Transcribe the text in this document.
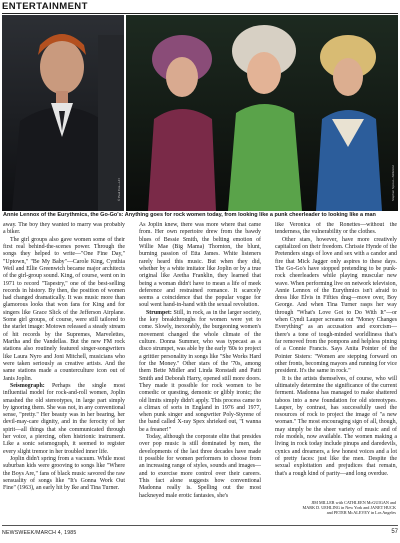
ENTERTAINMENT
© Paul Cox—LFI	Stephen Sproul—Stills/LGI
Annie Lennox of the Eurythmics, the Go-Go's: Anything goes for rock women today, from looking like a punk cheerleader to looking like a man

away. The boy they wanted to marry was probably a biker.

The girl groups also gave women some of their first real behind-the-scenes power. Through the songs they helped to write—"One Fine Day," "Uptown," "Be My Baby"—Carole King, Cynthia Weil and Ellie Greenwich became major architects of the girl-group sound. King, of course, went on in 1971 to record "Tapestry," one of the best-selling records in history. By then, the position of women had changed dramatically. It was music more than glamorous looks that won fans for King and for singers like Grace Slick of the Jefferson Airplane. Some girl groups, of course, were still tailored to the starlet image: Motown released a steady stream of hit records by the Supremes, Marvelettes, Martha and the Vandellas. But the new FM rock stations also routinely featured singer-songwriters like Laura Nyro and Joni Mitchell, musicians who were taken seriously as creative artists. And the same stations made a counterculture icon out of Janis Joplin.

Seismograph: Perhaps the single most influential model for rock-and-roll women, Joplin smashed the old stereotypes, in large part simply by ignoring them. She was not, in any conventional sense, "pretty." Her beauty was in her bearing, her devil-may-care dignity, and in the ferocity of her spirit—all things that she communicated through her voice, a piercing, often histrionic instrument. Like a sonic seismograph, it seemed to register every slight tremor in her troubled inner life.

Joplin didn't spring from a vacuum. While most suburban kids were grooving to songs like "Where the Boys Are," fans of black music savored the raw sensuality of songs like "It's Gonna Work Out Fine" (1963), an early hit by Ike and Tina Turner.

As Joplin knew, there was more where that came from. Her own repertoire drew from the bawdy blues of Bessie Smith, the belting emotion of Willie Mae (Big Mama) Thornton, the blunt, burning passion of Etta James. White listeners rarely heard this music. But when they did, whether by a white imitator like Joplin or by a true original like Aretha Franklin, they learned that being a woman didn't have to mean a life of meek deference and restrained romance. It scarcely seems a coincidence that the popular vogue for soul went hand-in-hand with the sexual revolution.

Strumpet: Still, in rock, as in the larger society, the key breakthroughs for women were yet to come. Slowly, inexorably, the burgeoning women's movement changed the whole climate of the culture. Donna Summer, who was typecast as a disco strumpet, was able by the early '80s to project a grittier personality in songs like "She Works Hard for the Money." Other stars of the '70s, among them Bette Midler and Linda Ronstadt and Patti Smith and Deborah Harry, opened still more doors. They made it possible for rock women to be comedic or questing, demonic or glibly ironic; the old limits simply didn't apply. This process came to a climax of sorts in England in 1976 and 1977, when punk singer and songwriter Poly-Styrene of the band called X-ray Spex shrieked out, "I wanna be a freaner!"

Today, although the corporate elite that presides over pop music is still dominated by men, the developments of the last three decades have made it possible for women performers to choose from an increasing range of styles, sounds and images—and to exercise more control over their careers. This fact alone suggests how conventional Madonna really is. Spelling out the most hackneyed male erotic fantasies, she's

like Veronica of the Ronettes—without the tenderness, the vulnerability or the clothes.

Other stars, however, have more creatively capitalized on their freedom. Chrissie Hynde of the Pretenders sings of love and sex with a candor and fire that Mick Jagger only aspires to these days. The Go-Go's have stopped pretending to be punk-rock cheerleaders while playing muscular new wave. When performing live on network television, Annie Lennox of the Eurythmics isn't afraid to dress like Elvis in Fifties drag—move over, Boy George. And when Tina Turner rasps her way through "What's Love Got to Do With It"—or when Cyndi Lauper screams out "Money Changes Everything" as an accusation and exorcism—there's a tone of tough-minded worldliness that's far removed from the pompons and helpless pining of a Connie Francis. Says Anita Pointer of the Pointer Sisters: "Women are stepping forward on other fronts, becoming mayors and running for vice president. It's the same in rock."

It is the artists themselves, of course, who will ultimately determine the significance of the current ferment. Madonna has managed to make shattered taboos into a new foundation for old stereotypes. Lauper, by contrast, has successfully used the resources of rock to project the image of "a new woman." The most encouraging sign of all, though, may simply be the sheer variety of music and of role models, now available. The women making a living in rock today include pinups and daredevils, cynics and dreamers, a few honest voices and a lot of pretty faces: just like the men. Despite the sexual exploitation and prejudices that remain, that's a rough kind of parity—and long overdue.

JIM MILLER with CATHLEEN McGUIGAN and
MARK D. UEHLING in New York and JANET HUCK
and PETER McALEVEY in Los Angeles
NEWSWEEK/MARCH 4, 1985	57
